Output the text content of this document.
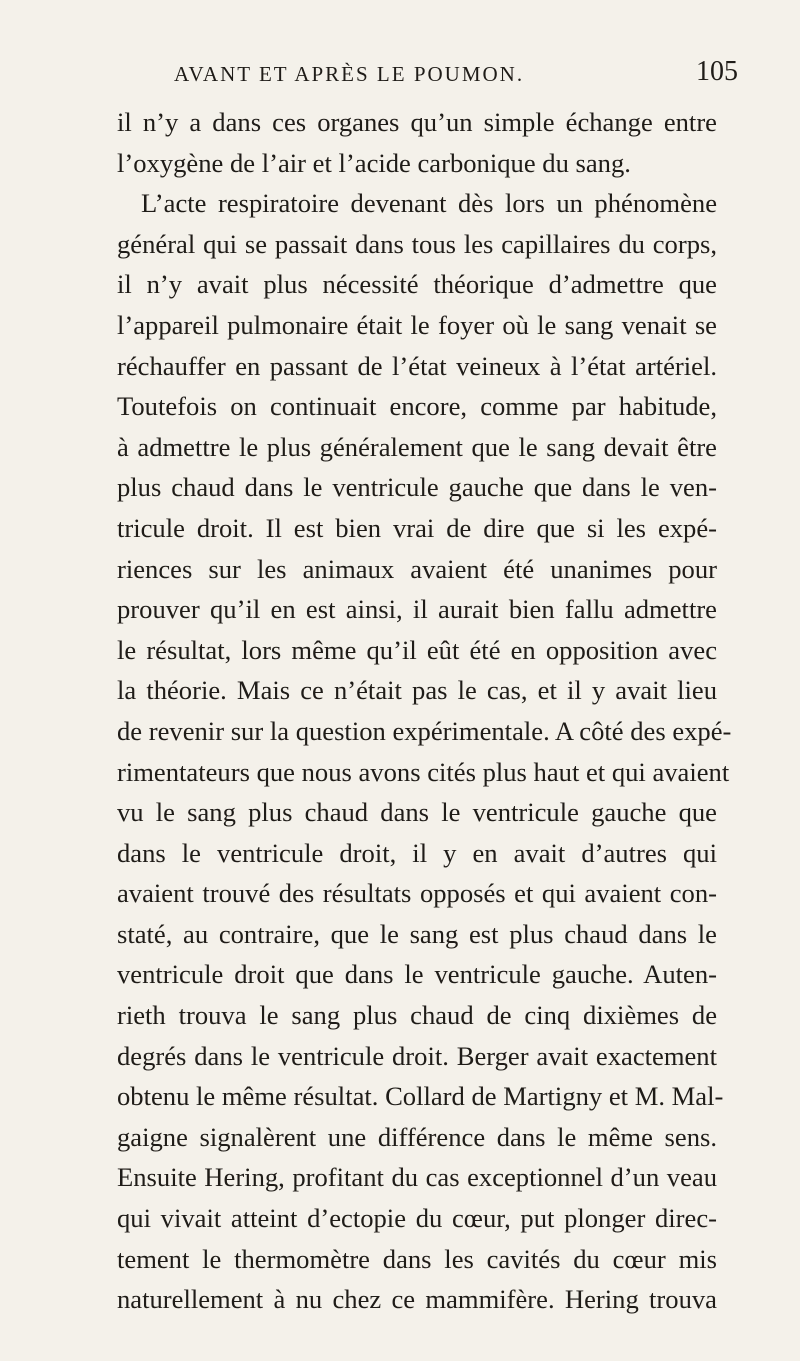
AVANT ET APRÈS LE POUMON.	105
il n’y a dans ces organes qu’un simple échange entre
l’oxygène de l’air et l’acide carbonique du sang.
L’acte respiratoire devenant dès lors un phénomène
général qui se passait dans tous les capillaires du corps,
il n’y avait plus nécessité théorique d’admettre que
l’appareil pulmonaire était le foyer où le sang venait se
réchauffer en passant de l’état veineux à l’état artériel.
Toutefois on continuait encore, comme par habitude,
à admettre le plus généralement que le sang devait être
plus chaud dans le ventricule gauche que dans le ven-
tricule droit. Il est bien vrai de dire que si les expé-
riences sur les animaux avaient été unanimes pour
prouver qu’il en est ainsi, il aurait bien fallu admettre
le résultat, lors même qu’il eût été en opposition avec
la théorie. Mais ce n’était pas le cas, et il y avait lieu
de revenir sur la question expérimentale. A côté des expé-
rimentateurs que nous avons cités plus haut et qui avaient
vu le sang plus chaud dans le ventricule gauche que
dans le ventricule droit, il y en avait d’autres qui
avaient trouvé des résultats opposés et qui avaient con-
staté, au contraire, que le sang est plus chaud dans le
ventricule droit que dans le ventricule gauche. Auten-
rieth trouva le sang plus chaud de cinq dixièmes de
degrés dans le ventricule droit. Berger avait exactement
obtenu le même résultat. Collard de Martigny et M. Mal-
gaigne signalèrent une différence dans le même sens.
Ensuite Hering, profitant du cas exceptionnel d’un veau
qui vivait atteint d’ectopie du cœur, put plonger direc-
tement le thermomètre dans les cavités du cœur mis
naturellement à nu chez ce mammifère. Hering trouva
